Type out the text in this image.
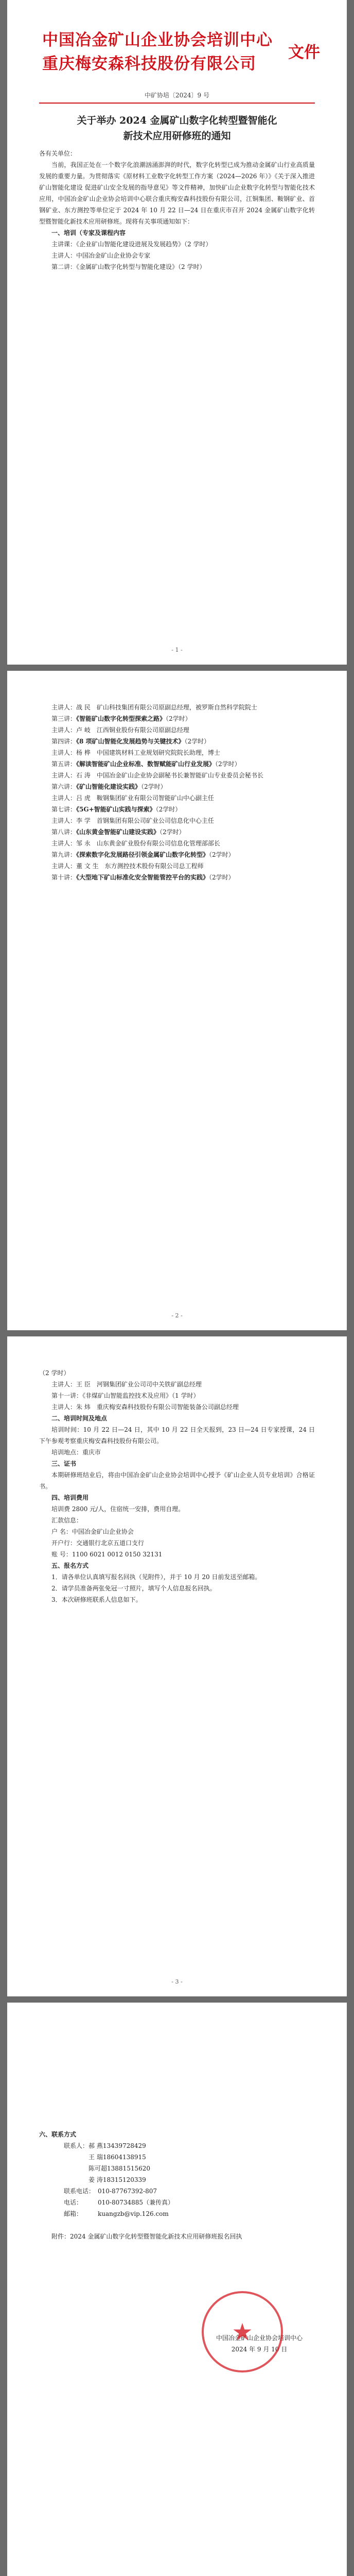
中国冶金矿山企业协会培训中心
重庆梅安森科技股份有限公司
文件
中矿协培〔2024〕9 号
关于举办 2024 金属矿山数字化转型暨智能化
新技术应用研修班的通知

各有关单位：

当前，我国正处在一个数字化浪潮汹涌澎湃的时代，数字化转型已成为推动金属矿山行业高质量发展的重要力量。为贯彻落实《原材料工业数字化转型工作方案（2024—2026 年）》《关于深入推进矿山智能化建设 促进矿山安全发展的指导意见》等文件精神，加快矿山企业数字化转型与智能化技术应用，中国冶金矿山企业协会培训中心联合重庆梅安森科技股份有限公司，江铜集团、鞍钢矿业、首钢矿业、东方测控等单位定于 2024 年 10 月 22 日—24 日在重庆市召开 2024 金属矿山数字化转型暨智能化新技术应用研修班。现将有关事项通知如下：

一、培训（专家及课程内容

主讲课：《企业矿山智能化建设进展及发展趋势》（2 学时）

主讲人：中国冶金矿山企业协会专家

第二讲：《金属矿山数字化转型与智能化建设》（2 学时）

- 1 -

主讲人：战 民　 矿山科技集团有限公司原副总经理，被罗斯自然科学院院士

第三讲：《智能矿山数字化转型探索之路》（2学时）

主讲人：卢 岐　 江西铜业股份有限公司原副总经理

第四讲：《8 项矿山智能化发展趋势与关键技术》（2学时）

主讲人：杨 桦　 中国建筑材料工业规划研究院院长助理，博士

第五讲：《解读智能矿山企业标准、数智赋能矿山行业发展》（2学时）

主讲人：石 涛　 中国冶金矿山企业协会副秘书长兼智能矿山专业委员会秘书长

第六讲：《矿山智能化建设实践》（2学时）

主讲人：吕 虎　 鞍钢集团矿业有限公司智能矿山中心副主任

第七讲：《5G+智能矿山实践与探索》（2学时）

主讲人：李 学　 首钢集团有限公司矿业公司信息化中心主任

第八讲：《山东黄金智能矿山建设实践》（2学时）

主讲人：邹 永　 山东黄金矿业股份有限公司信息化管理部部长

第九讲：《探索数字化发展路径引领金属矿山数字化转型》（2学时）

主讲人：董 文 生　 东方测控技术股份有限公司总工程师

第十讲：《大型地下矿山标准化安全智能管控平台的实践》（2学时）

- 2 -

（2 学时）

主讲人：王 臣　河钢集团矿业公司司中关铁矿副总经理

第十一讲：《非煤矿山智能监控技术及应用》（1 学时）

主讲人：朱 炜　重庆梅安森科技股份有限公司智能装备公司副总经理

二、培训时间及地点

培训时间：10 月 22 日—24 日，其中 10 月 22 日全天报到，23 日—24 日专家授课，24 日下午参观考察重庆梅安森科技股份有限公司。

培训地点：重庆市

三、证书

本期研修班结业后，将由中国冶金矿山企业协会培训中心授予《矿山企业人员专业培训》合格证书。

四、培训费用

培训费 2800 元/人，住宿统一安排，费用自理。

汇款信息：

户 名：中国冶金矿山企业协会

开户行：交通银行北京五道口支行

账 号：1100 6021 0012 0150 32131

五、报名方式

1．请各单位认真填写报名回执（见附件），并于 10 月 20 日前发送至邮箱。

2．请学员准备两张免冠一寸照片，填写个人信息报名回执。

3．本次研修班联系人信息如下。

- 3 -

六、联系方式

联系人：郝 燕13439728429

　　　　王 瑞18604138915

　　　　陈可超13881515620

　　　　姜 涛18315120339

联系电话： 010-87767392-807

电话： 010-80734885（兼传真）

邮箱： kuangzb@vip.126.com

附件：2024 金属矿山数字化转型暨智能化新技术应用研修班报名回执

中国冶金矿山企业协会培训中心
2024 年 9 月 10 日
★
